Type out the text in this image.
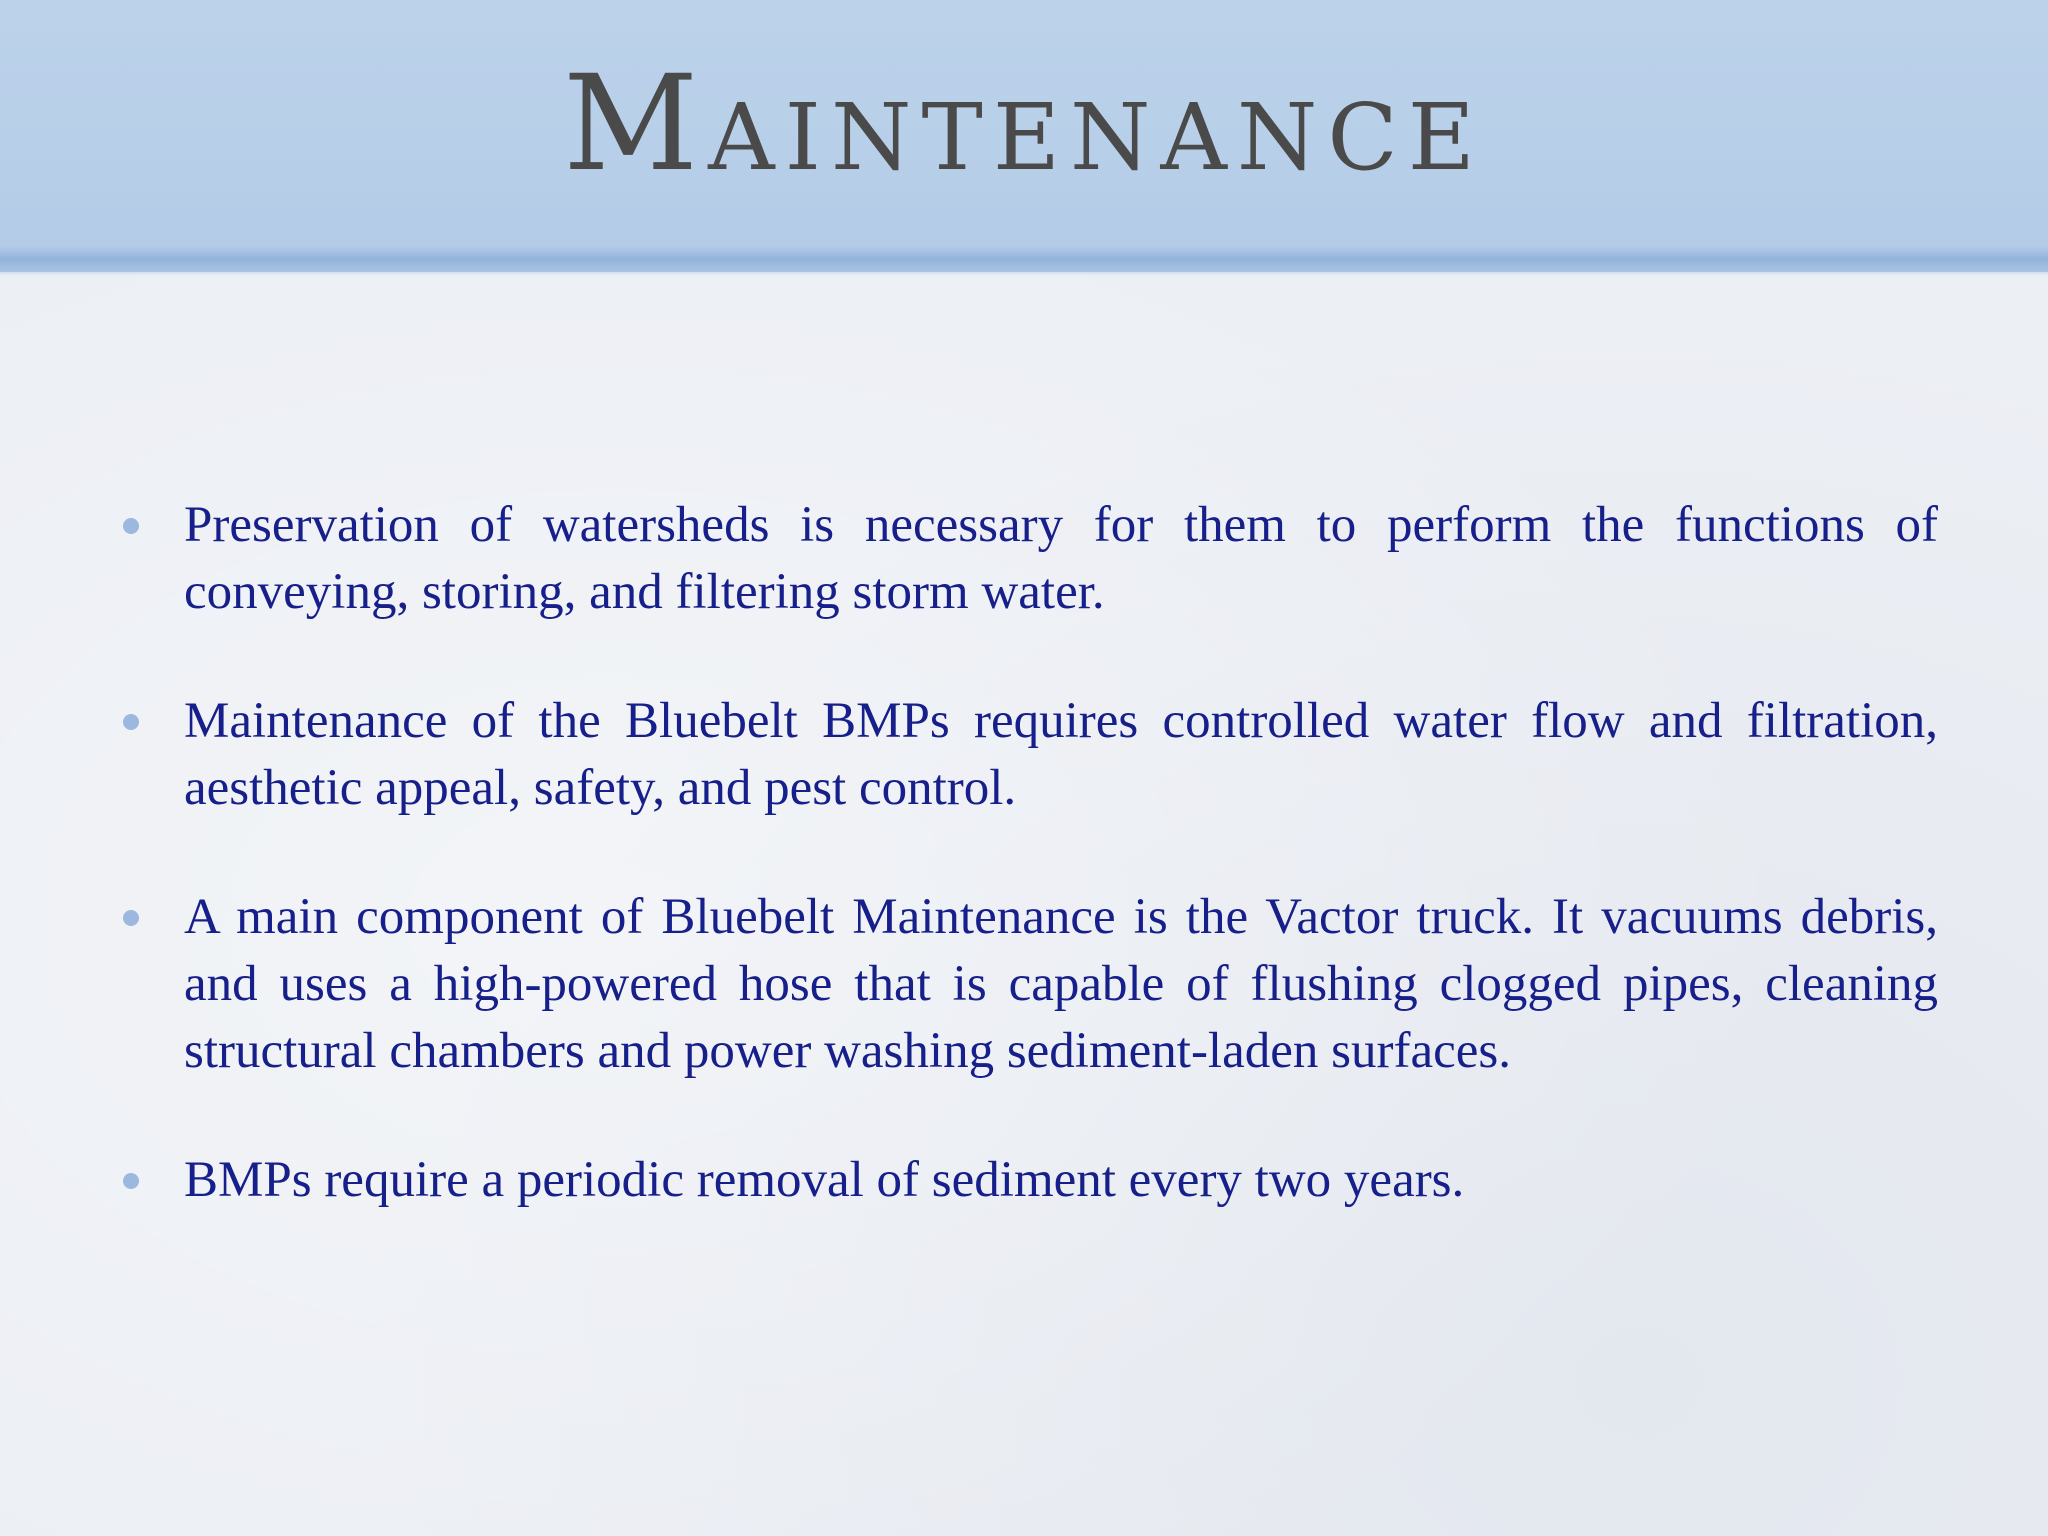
Maintenance
Preservation of watersheds is necessary for them to perform the functions of conveying, storing, and filtering storm water.
Maintenance of the Bluebelt BMPs requires controlled water flow and filtration, aesthetic appeal, safety, and pest control.
A main component of Bluebelt Maintenance is the Vactor truck. It vacuums debris, and uses a high-powered hose that is capable of flushing clogged pipes, cleaning structural chambers and power washing sediment-laden surfaces.
BMPs require a periodic removal of sediment every two years.
